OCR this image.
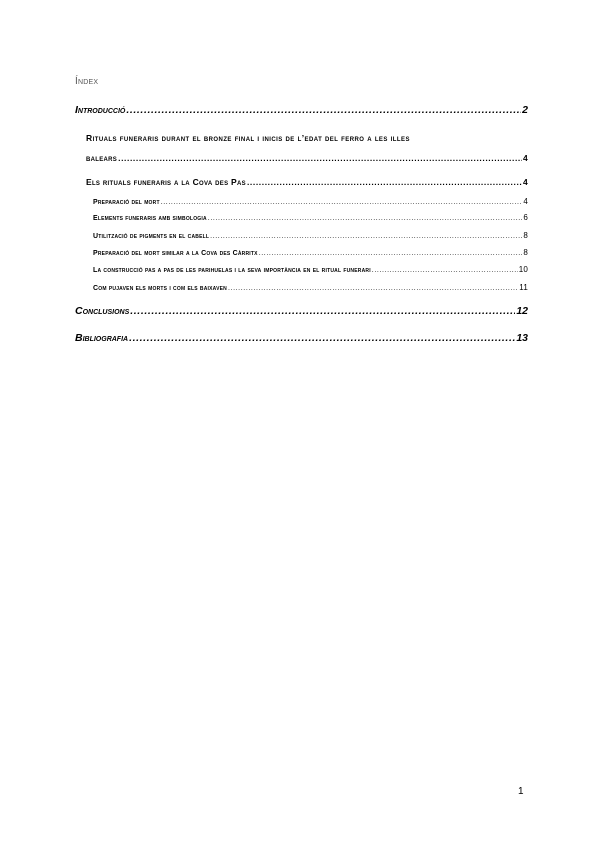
Índex
Introducció .....	2
Rituals funeraris durant el bronze final i inicis de l’edat del ferro a les illes
balears .....	4
Els rituals funeraris a la Cova des Pas .....	4
Preparació del mort .....	4
Elements funeraris amb simbologia .....	6
Utilització de pigments en el cabell .....	8
Preparació del mort similar a la Cova des Càrritx .....	8
La construcció pas a pas de les parihuelas i la seva importància en el ritual funerari .....	10
Com pujaven els morts i com els baixaven .....	11
Conclusions .....	12
Bibliografia .....	13
1
